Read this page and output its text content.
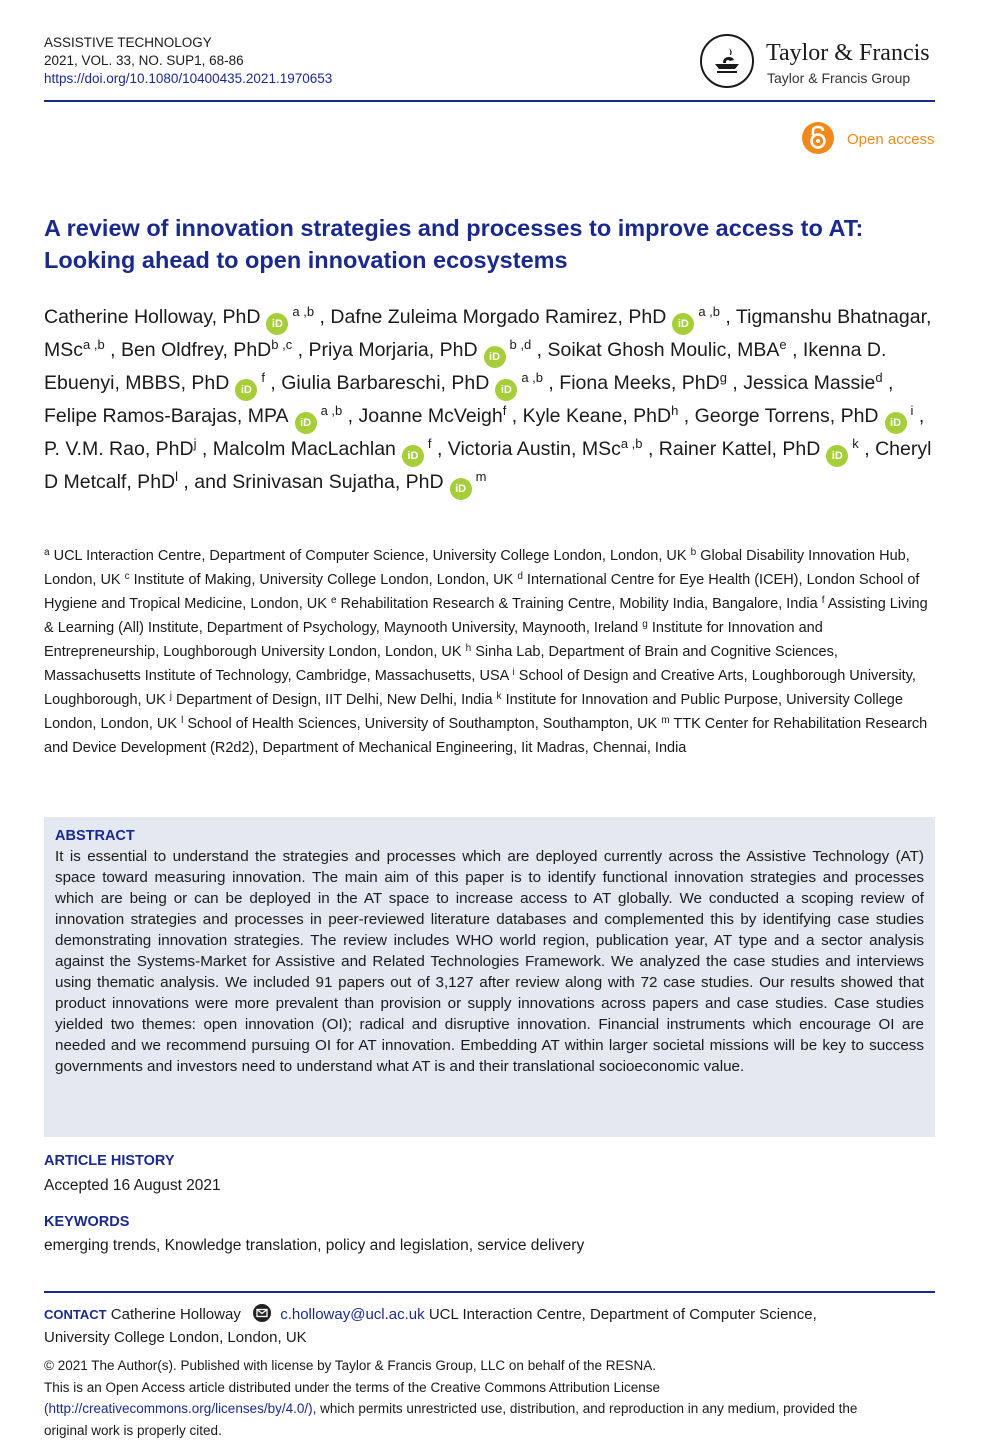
ASSISTIVE TECHNOLOGY
2021, VOL. 33, NO. SUP1, 68-86
https://doi.org/10.1080/10400435.2021.1970653
Taylor & Francis
Taylor & Francis Group
Open access
A review of innovation strategies and processes to improve access to AT:
Looking ahead to open innovation ecosystems
Catherine Holloway, PhD iD$^{a ,b}$ , Dafne Zuleima Morgado Ramirez, PhD iD$^{a ,b}$ , Tigmanshu Bhatnagar, MSc$^{a ,b}$ , Ben Oldfrey, PhD$^{b ,c}$ , Priya Morjaria, PhD iD$^{b ,d}$ , Soikat Ghosh Moulic, MBA$^e$ , Ikenna D. Ebuenyi, MBBS, PhD $iD^f$ , Giulia Barbareschi, PhD iD$^{a ,b}$ , Fiona Meeks, PhD$^g$ , Jessica Massie$^d$ , Felipe Ramos-Barajas, MPA iD$^{a ,b}$ , Joanne McVeigh$^f$ , Kyle Keane, PhD$^h$ , George Torrens, PhD $iD^i$ , P. V.M. Rao, PhD$^j$ , Malcolm MacLachlan $iD^f$ , Victoria Austin, MSc$^{a ,b}$ , Rainer Kattel, PhD $iD^k$ , Cheryl D Metcalf, PhD$^l$ , and Srinivasan Sujatha, PhD $iD^m$
$^a$ UCL Interaction Centre, Department of Computer Science, University College London, London, UK $^b$ Global Disability Innovation Hub, London, UK $^c$ Institute of Making, University College London, London, UK $^d$ International Centre for Eye Health (ICEH), London School of Hygiene and Tropical Medicine, London, UK $^e$ Rehabilitation Research & Training Centre, Mobility India, Bangalore, India $^f$ Assisting Living & Learning (All) Institute, Department of Psychology, Maynooth University, Maynooth, Ireland $^g$ Institute for Innovation and Entrepreneurship, Loughborough University London, London, UK $^h$ Sinha Lab, Department of Brain and Cognitive Sciences, Massachusetts Institute of Technology, Cambridge, Massachusetts, USA $^i$ School of Design and Creative Arts, Loughborough University, Loughborough, UK $^j$ Department of Design, IIT Delhi, New Delhi, India $^k$ Institute for Innovation and Public Purpose, University College London, London, UK $^l$ School of Health Sciences, University of Southampton, Southampton, UK $^m$ TTK Center for Rehabilitation Research and Device Development (R2d2), Department of Mechanical Engineering, Iit Madras, Chennai, India
ABSTRACT
It is essential to understand the strategies and processes which are deployed currently across the Assistive Technology (AT) space toward measuring innovation. The main aim of this paper is to identify functional innovation strategies and processes which are being or can be deployed in the AT space to increase access to AT globally. We conducted a scoping review of innovation strategies and processes in peer-reviewed literature databases and complemented this by identifying case studies demonstrating innovation strategies. The review includes WHO world region, publication year, AT type and a sector analysis against the Systems-Market for Assistive and Related Technologies Framework. We analyzed the case studies and interviews using thematic analysis. We included 91 papers out of 3,127 after review along with 72 case studies. Our results showed that product innovations were more prevalent than provision or supply innovations across papers and case studies. Case studies yielded two themes: open innovation (OI); radical and disruptive innovation. Financial instruments which encourage OI are needed and we recommend pursuing OI for AT innovation. Embedding AT within larger societal missions will be key to success governments and investors need to understand what AT is and their translational socioeconomic value.
ARTICLE HISTORY
Accepted 16 August 2021
KEYWORDS
emerging trends, Knowledge translation, policy and legislation, service delivery
CONTACT Catherine Holloway	c.holloway@ucl.ac.uk UCL Interaction Centre, Department of Computer Science,
University College London, London, UK
© 2021 The Author(s). Published with license by Taylor & Francis Group, LLC on behalf of the RESNA.
This is an Open Access article distributed under the terms of the Creative Commons Attribution License
(http://creativecommons.org/licenses/by/4.0/), which permits unrestricted use, distribution, and reproduction in any medium, provided the
original work is properly cited.
